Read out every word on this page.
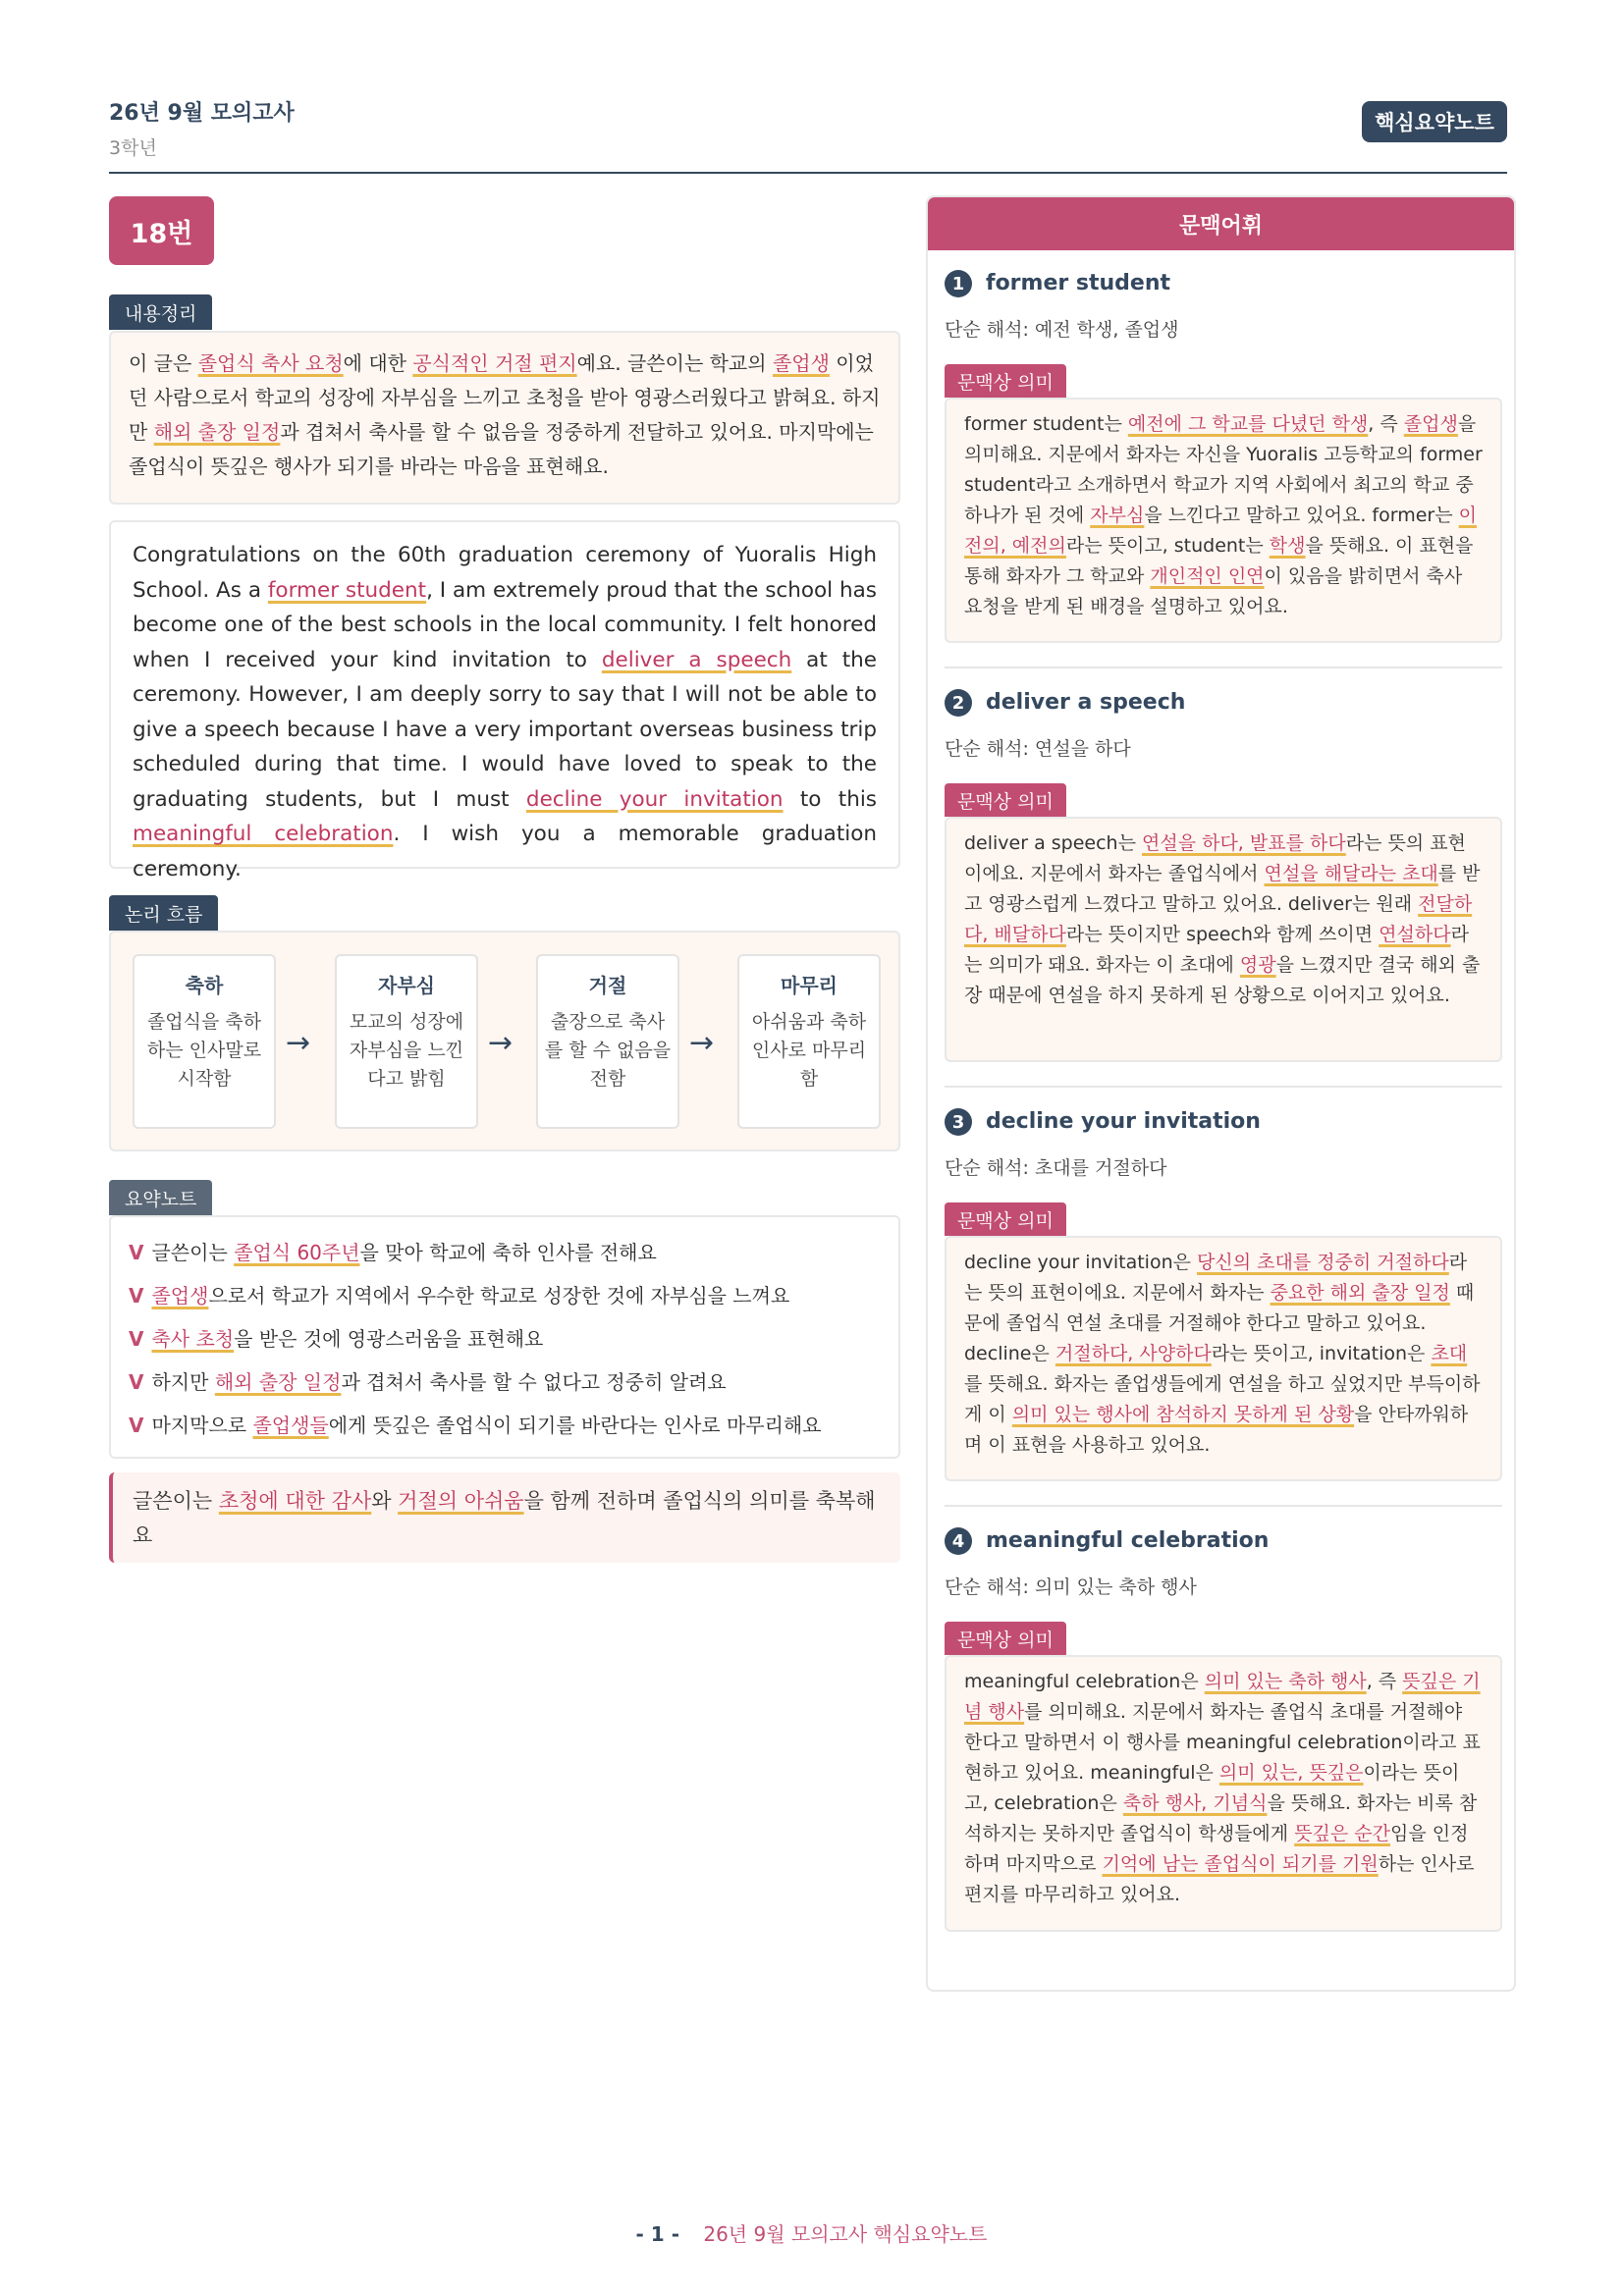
26년 9월 모의고사
3학년
핵심요약노트
18번
내용정리
이 글은 졸업식 축사 요청에 대한 공식적인 거절 편지예요. 글쓴이는 학교의 졸업생 이었던 사람으로서 학교의 성장에 자부심을 느끼고 초청을 받아 영광스러웠다고 밝혀요. 하지만 해외 출장 일정과 겹쳐서 축사를 할 수 없음을 정중하게 전달하고 있어요. 마지막에는 졸업식이 뜻깊은 행사가 되기를 바라는 마음을 표현해요.
Congratulations on the 60th graduation ceremony of Yuoralis High School. As a former student, I am extremely proud that the school has become one of the best schools in the local community. I felt honored when I received your kind invitation to deliver a speech at the ceremony. However, I am deeply sorry to say that I will not be able to give a speech because I have a very important overseas business trip scheduled during that time. I would have loved to speak to the graduating students, but I must decline your invitation to this meaningful celebration. I wish you a memorable graduation ceremony.
논리 흐름
축하
졸업식을 축하하는 인사말로 시작함
→
자부심
모교의 성장에 자부심을 느낀다고 밝힘
→
거절
출장으로 축사를 할 수 없음을 전함
→
마무리
아쉬움과 축하 인사로 마무리함
요약노트
V 글쓴이는 졸업식 60주년을 맞아 학교에 축하 인사를 전해요
V 졸업생으로서 학교가 지역에서 우수한 학교로 성장한 것에 자부심을 느껴요
V 축사 초청을 받은 것에 영광스러움을 표현해요
V 하지만 해외 출장 일정과 겹쳐서 축사를 할 수 없다고 정중히 알려요
V 마지막으로 졸업생들에게 뜻깊은 졸업식이 되기를 바란다는 인사로 마무리해요
글쓴이는 초청에 대한 감사와 거절의 아쉬움을 함께 전하며 졸업식의 의미를 축복해요
문맥어휘
1 former student
단순 해석: 예전 학생, 졸업생
문맥상 의미
former student는 예전에 그 학교를 다녔던 학생, 즉 졸업생을 의미해요. 지문에서 화자는 자신을 Yuoralis 고등학교의 former student라고 소개하면서 학교가 지역 사회에서 최고의 학교 중 하나가 된 것에 자부심을 느낀다고 말하고 있어요. former는 이전의, 예전의라는 뜻이고, student는 학생을 뜻해요. 이 표현을 통해 화자가 그 학교와 개인적인 인연이 있음을 밝히면서 축사 요청을 받게 된 배경을 설명하고 있어요.
2 deliver a speech
단순 해석: 연설을 하다
문맥상 의미
deliver a speech는 연설을 하다, 발표를 하다라는 뜻의 표현이에요. 지문에서 화자는 졸업식에서 연설을 해달라는 초대를 받고 영광스럽게 느꼈다고 말하고 있어요. deliver는 원래 전달하다, 배달하다라는 뜻이지만 speech와 함께 쓰이면 연설하다라는 의미가 돼요. 화자는 이 초대에 영광을 느꼈지만 결국 해외 출장 때문에 연설을 하지 못하게 된 상황으로 이어지고 있어요.
3 decline your invitation
단순 해석: 초대를 거절하다
문맥상 의미
decline your invitation은 당신의 초대를 정중히 거절하다라는 뜻의 표현이에요. 지문에서 화자는 중요한 해외 출장 일정 때문에 졸업식 연설 초대를 거절해야 한다고 말하고 있어요. decline은 거절하다, 사양하다라는 뜻이고, invitation은 초대를 뜻해요. 화자는 졸업생들에게 연설을 하고 싶었지만 부득이하게 이 의미 있는 행사에 참석하지 못하게 된 상황을 안타까워하며 이 표현을 사용하고 있어요.
4 meaningful celebration
단순 해석: 의미 있는 축하 행사
문맥상 의미
meaningful celebration은 의미 있는 축하 행사, 즉 뜻깊은 기념 행사를 의미해요. 지문에서 화자는 졸업식 초대를 거절해야 한다고 말하면서 이 행사를 meaningful celebration이라고 표현하고 있어요. meaningful은 의미 있는, 뜻깊은이라는 뜻이고, celebration은 축하 행사, 기념식을 뜻해요. 화자는 비록 참석하지는 못하지만 졸업식이 학생들에게 뜻깊은 순간임을 인정하며 마지막으로 기억에 남는 졸업식이 되기를 기원하는 인사로 편지를 마무리하고 있어요.
- 1 - 26년 9월 모의고사 핵심요약노트
